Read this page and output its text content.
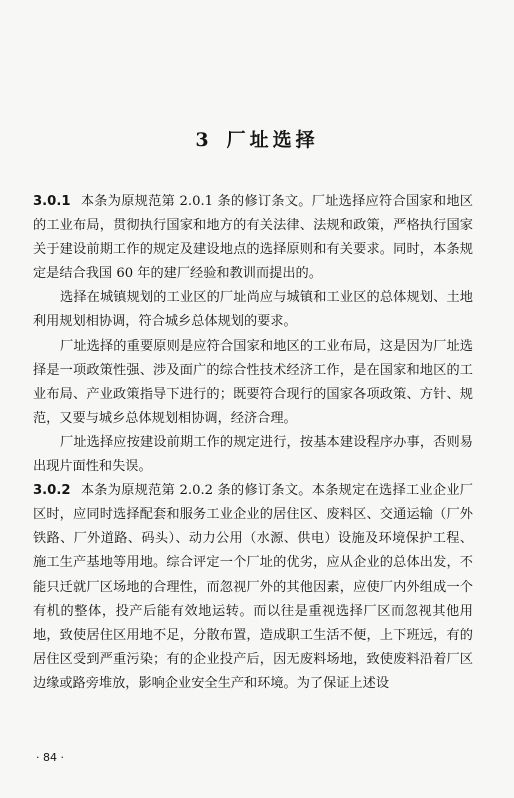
3 厂址选择

3.0.1 本条为原规范第 2.0.1 条的修订条文。厂址选择应符合国家和地区的工业布局，贯彻执行国家和地方的有关法律、法规和政策，严格执行国家关于建设前期工作的规定及建设地点的选择原则和有关要求。同时，本条规定是结合我国 60 年的建厂经验和教训而提出的。

选择在城镇规划的工业区的厂址尚应与城镇和工业区的总体规划、土地利用规划相协调，符合城乡总体规划的要求。

厂址选择的重要原则是应符合国家和地区的工业布局，这是因为厂址选择是一项政策性强、涉及面广的综合性技术经济工作，是在国家和地区的工业布局、产业政策指导下进行的；既要符合现行的国家各项政策、方针、规范，又要与城乡总体规划相协调，经济合理。

厂址选择应按建设前期工作的规定进行，按基本建设程序办事，否则易出现片面性和失误。

3.0.2 本条为原规范第 2.0.2 条的修订条文。本条规定在选择工业企业厂区时，应同时选择配套和服务工业企业的居住区、废料区、交通运输（厂外铁路、厂外道路、码头）、动力公用（水源、供电）设施及环境保护工程、施工生产基地等用地。综合评定一个厂址的优劣，应从企业的总体出发，不能只迁就厂区场地的合理性，而忽视厂外的其他因素，应使厂内外组成一个有机的整体，投产后能有效地运转。而以往是重视选择厂区而忽视其他用地，致使居住区用地不足，分散布置，造成职工生活不便，上下班远，有的居住区受到严重污染；有的企业投产后，因无废料场地，致使废料沿着厂区边缘或路旁堆放，影响企业安全生产和环境。为了保证上述设

· 84 ·
